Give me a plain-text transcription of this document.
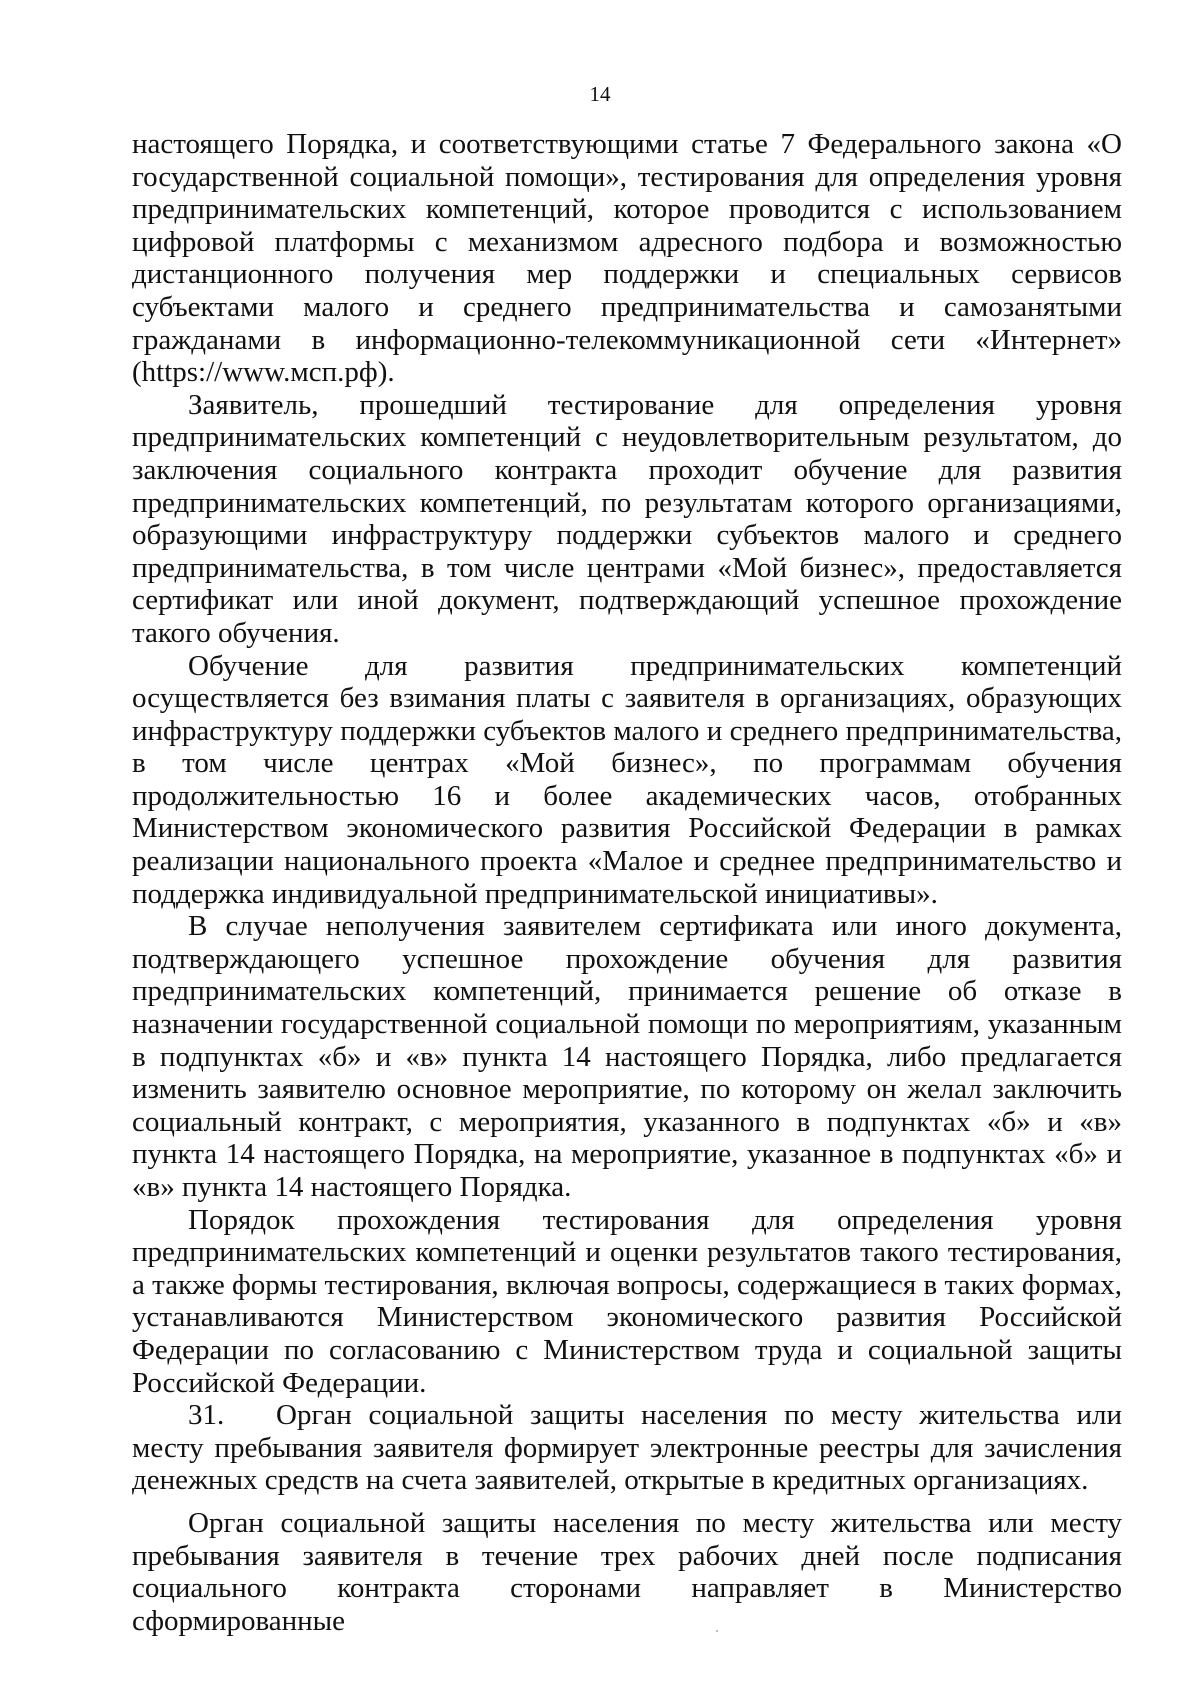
14

настоящего Порядка, и соответствующими статье 7 Федерального закона «О государственной социальной помощи», тестирования для определения уровня предпринимательских компетенций, которое проводится с использованием цифровой платформы с механизмом адресного подбора и возможностью дистанционного получения мер поддержки и специальных сервисов субъектами малого и среднего предпринимательства и самозанятыми гражданами в информационно-телекоммуникационной сети «Интернет» (https://www.мсп.рф).

Заявитель, прошедший тестирование для определения уровня предпринимательских компетенций с неудовлетворительным результатом, до заключения социального контракта проходит обучение для развития предпринимательских компетенций, по результатам которого организациями, образующими инфраструктуру поддержки субъектов малого и среднего предпринимательства, в том числе центрами «Мой бизнес», предоставляется сертификат или иной документ, подтверждающий успешное прохождение такого обучения.

Обучение для развития предпринимательских компетенций осуществляется без взимания платы с заявителя в организациях, образующих инфраструктуру поддержки субъектов малого и среднего предпринимательства, в том числе центрах «Мой бизнес», по программам обучения продолжительностью 16 и более академических часов, отобранных Министерством экономического развития Российской Федерации в рамках реализации национального проекта «Малое и среднее предпринимательство и поддержка индивидуальной предпринимательской инициативы».

В случае неполучения заявителем сертификата или иного документа, подтверждающего успешное прохождение обучения для развития предпринимательских компетенций, принимается решение об отказе в назначении государственной социальной помощи по мероприятиям, указанным в подпунктах «б» и «в» пункта 14 настоящего Порядка, либо предлагается изменить заявителю основное мероприятие, по которому он желал заключить социальный контракт, с мероприятия, указанного в подпунктах «б» и «в» пункта 14 настоящего Порядка, на мероприятие, указанное в подпунктах «б» и «в» пункта 14 настоящего Порядка.

Порядок прохождения тестирования для определения уровня предпринимательских компетенций и оценки результатов такого тестирования, а также формы тестирования, включая вопросы, содержащиеся в таких формах, устанавливаются Министерством экономического развития Российской Федерации по согласованию с Министерством труда и социальной защиты Российской Федерации.

31. Орган социальной защиты населения по месту жительства или месту пребывания заявителя формирует электронные реестры для зачисления денежных средств на счета заявителей, открытые в кредитных организациях.

Орган социальной защиты населения по месту жительства или месту пребывания заявителя в течение трех рабочих дней после подписания социального контракта сторонами направляет в Министерство сформированные
